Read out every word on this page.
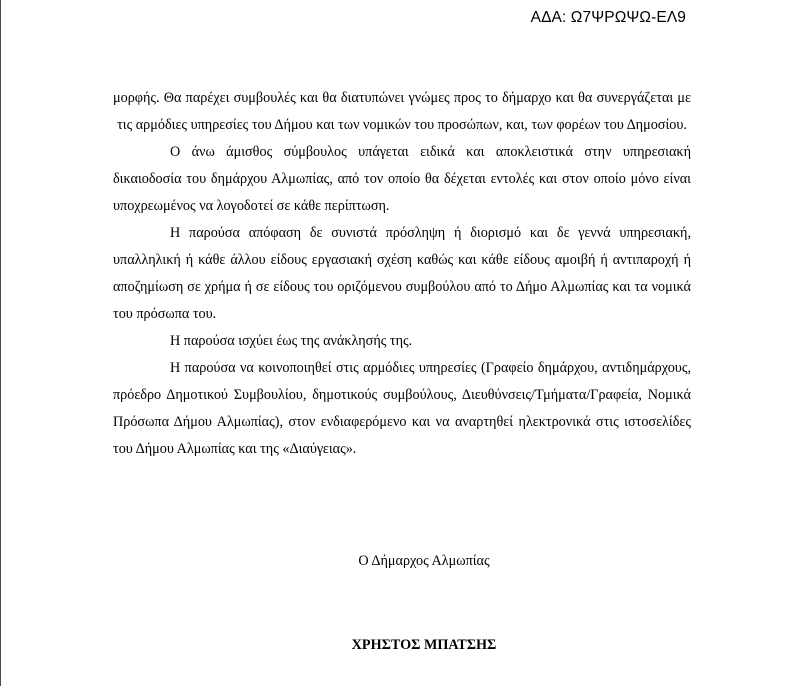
ΑΔΑ: Ω7ΨΡΩΨΩ-ΕΛ9

μορφής. Θα παρέχει συμβουλές και θα διατυπώνει γνώμες προς το δήμαρχο και θα συνεργάζεται με τις αρμόδιες υπηρεσίες του Δήμου και των νομικών του προσώπων, και, των φορέων του Δημοσίου.

Ο άνω άμισθος σύμβουλος υπάγεται ειδικά και αποκλειστικά στην υπηρεσιακή δικαιοδοσία του δημάρχου Αλμωπίας, από τον οποίο θα δέχεται εντολές και στον οποίο μόνο είναι υποχρεωμένος να λογοδοτεί σε κάθε περίπτωση.

Η παρούσα απόφαση δε συνιστά πρόσληψη ή διορισμό και δε γεννά υπηρεσιακή, υπαλληλική ή κάθε άλλου είδους εργασιακή σχέση καθώς και κάθε είδους αμοιβή ή αντιπαροχή ή αποζημίωση σε χρήμα ή σε είδους του οριζόμενου συμβούλου από το Δήμο Αλμωπίας και τα νομικά του πρόσωπα του.

Η παρούσα ισχύει έως της ανάκλησής της.

Η παρούσα να κοινοποιηθεί στις αρμόδιες υπηρεσίες (Γραφείο δημάρχου, αντιδημάρχους, πρόεδρο Δημοτικού Συμβουλίου, δημοτικούς συμβούλους, Διευθύνσεις/Τμήματα/Γραφεία, Νομικά Πρόσωπα Δήμου Αλμωπίας), στον ενδιαφερόμενο και να αναρτηθεί ηλεκτρονικά στις ιστοσελίδες του Δήμου Αλμωπίας και της «Διαύγειας».

Ο Δήμαρχος Αλμωπίας
ΧΡΗΣΤΟΣ ΜΠΑΤΣΗΣ
